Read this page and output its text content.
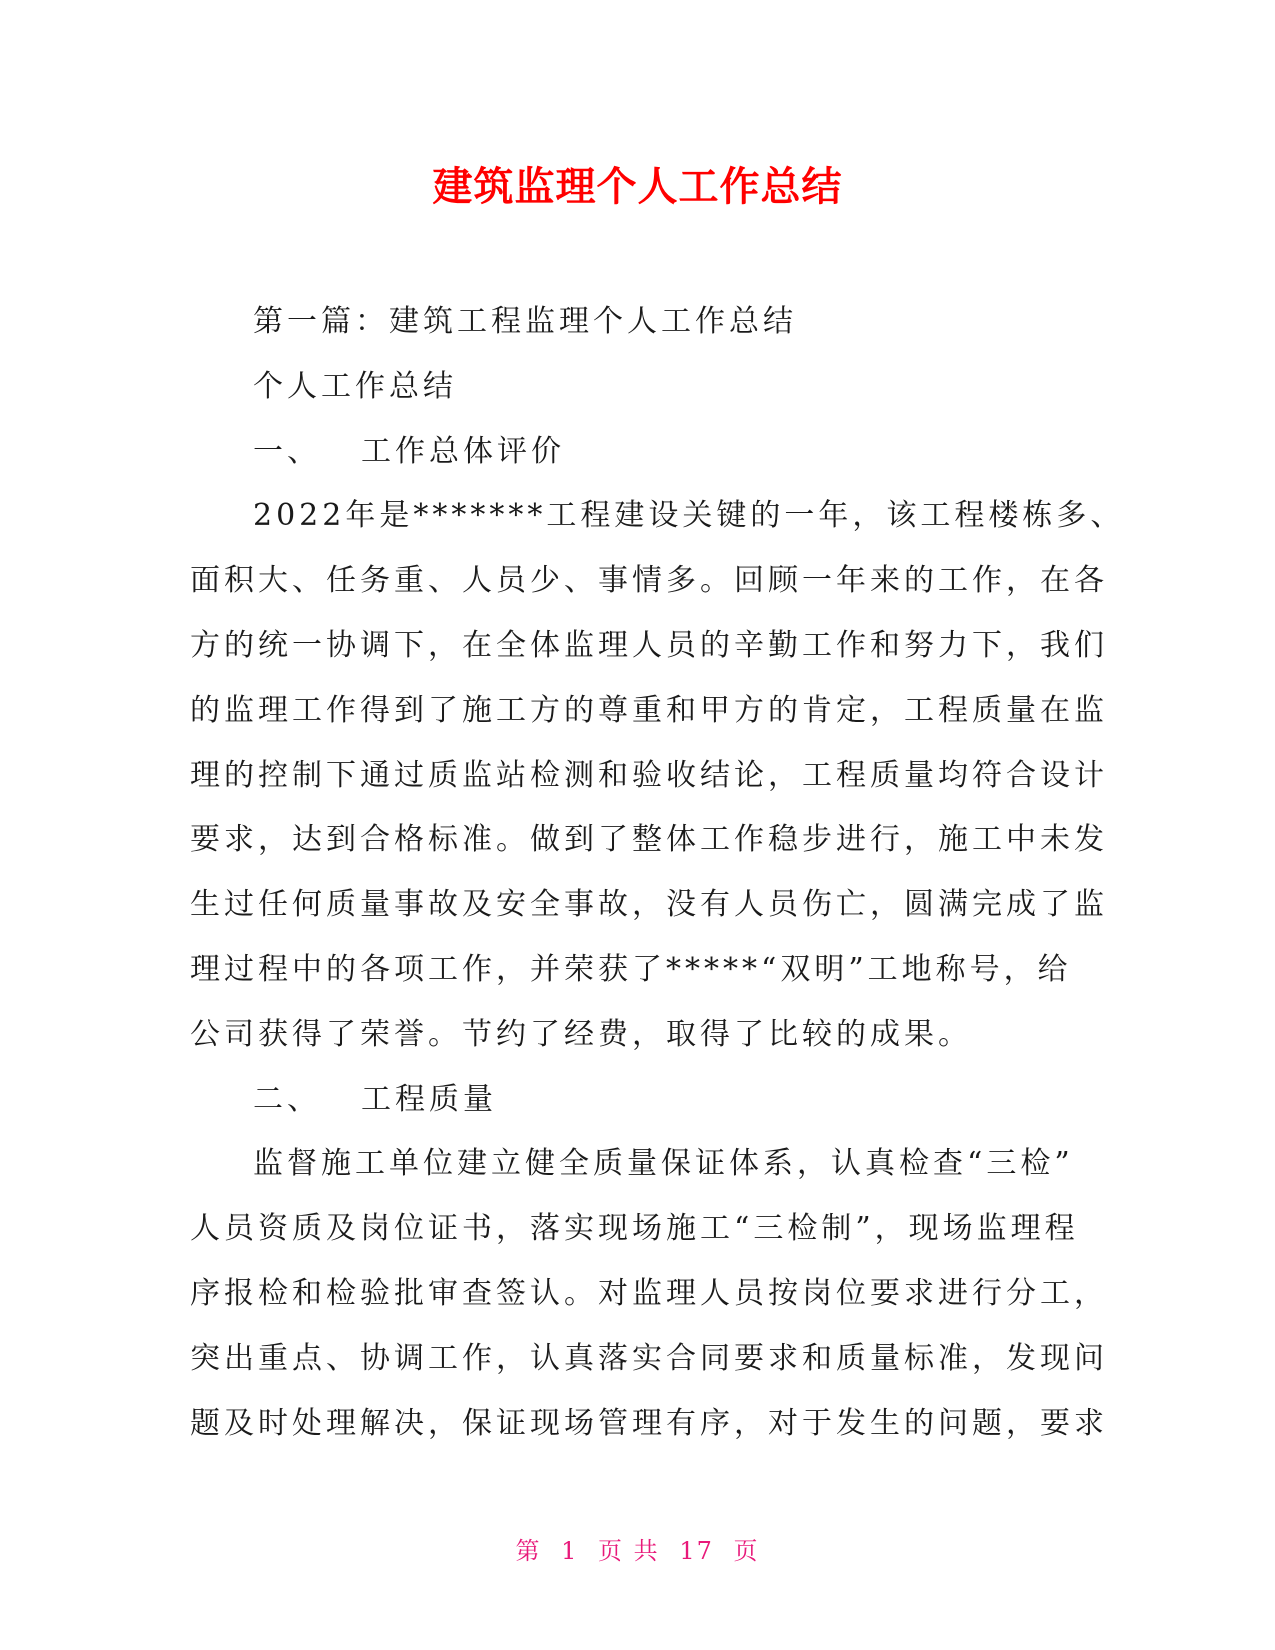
建筑监理个人工作总结
第一篇：建筑工程监理个人工作总结
个人工作总结
一、 工作总体评价
2022年是*******工程建设关键的一年，该工程楼栋多、
面积大、任务重、人员少、事情多。回顾一年来的工作，在各
方的统一协调下，在全体监理人员的辛勤工作和努力下，我们
的监理工作得到了施工方的尊重和甲方的肯定，工程质量在监
理的控制下通过质监站检测和验收结论，工程质量均符合设计
要求，达到合格标准。做到了整体工作稳步进行，施工中未发
生过任何质量事故及安全事故，没有人员伤亡，圆满完成了监
理过程中的各项工作，并荣获了*****“双明”工地称号，给
公司获得了荣誉。节约了经费，取得了比较的成果。
二、 工程质量
监督施工单位建立健全质量保证体系，认真检查“三检”
人员资质及岗位证书，落实现场施工“三检制”，现场监理程
序报检和检验批审查签认。对监理人员按岗位要求进行分工，
突出重点、协调工作，认真落实合同要求和质量标准，发现问
题及时处理解决，保证现场管理有序，对于发生的问题，要求
第 1 页 共 17 页
